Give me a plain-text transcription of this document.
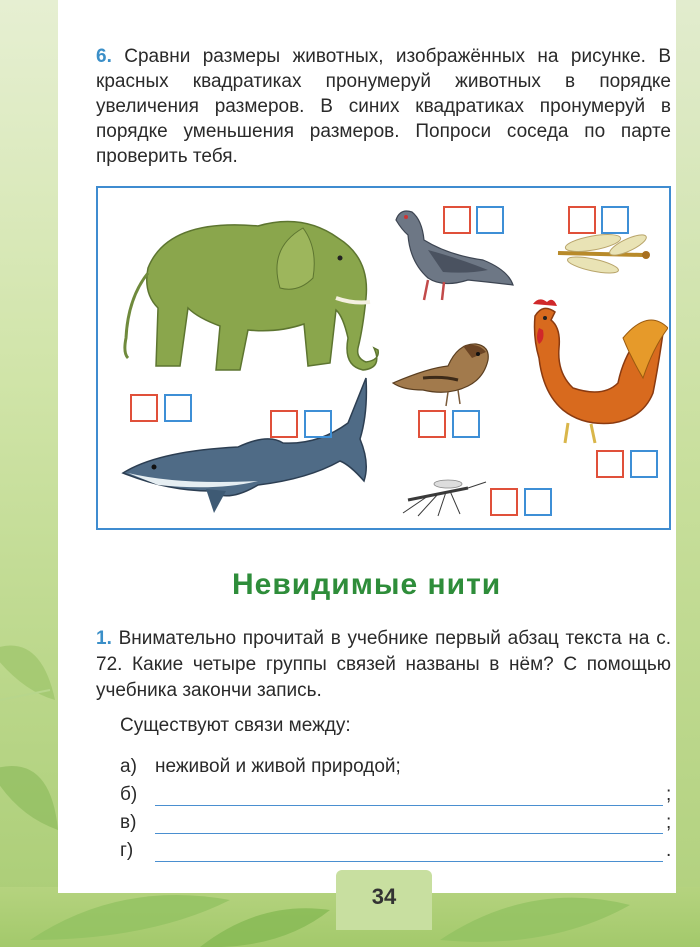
6. Сравни размеры животных, изображённых на рисунке. В красных квадратиках пронумеруй животных в порядке увеличения размеров. В синих квадратиках пронумеруй в порядке уменьшения размеров. Попроси соседа по парте проверить тебя.
Невидимые нити
1. Внимательно прочитай в учебнике первый абзац текста на с. 72. Какие четыре группы связей названы в нём? С помощью учебника закончи запись.
Существуют связи между:
а) неживой и живой природой;
б)	;
в)	;
г)	.
34
